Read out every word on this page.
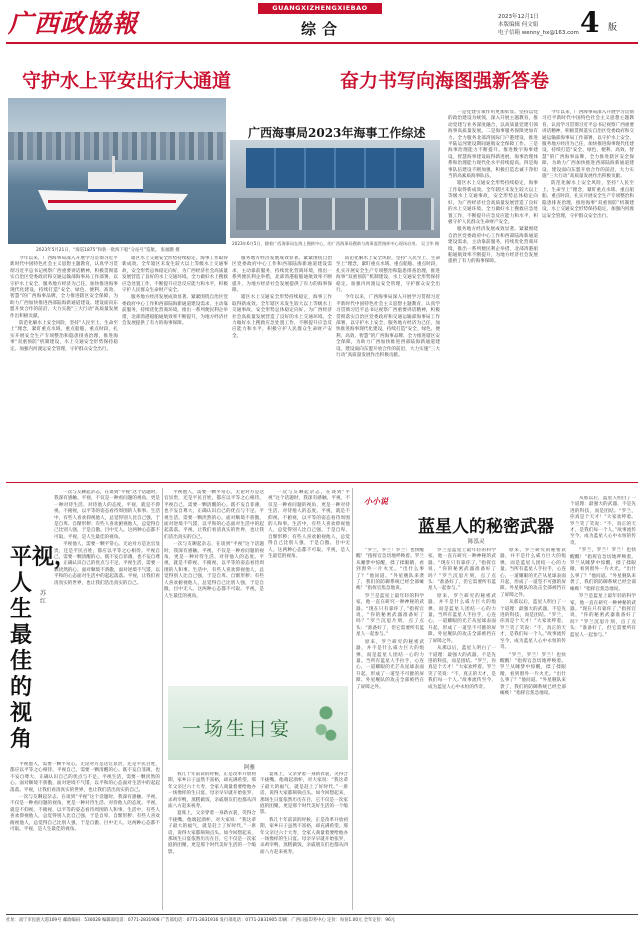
广西政協報
GUANGXIZHENGXIEBAO
综合
2023年12月1日
本版编辑 何文娟
电子信箱 wenny_hx@163.com 4 版
守护水上平安出行大通道	奋力书写向海图强新答卷
2023年5月21日，“海巡1875”和新一批海下船“分站号”巡航。 张福鹏 摄
广西海事局2023年海事工作综述
2023年6月5日，随着广西海事局在海上搜救中心，的广西海事局搜救与海事监管指挥中心现场启用。 吴卫华 摄

今年以来，广西海事局深入开展学习贯彻习近平新时代中国特色社会主义思想主题教育，认真学习贯彻习近平总书记视察广西重要讲话精神，积极贯彻落实自治区党委政府和交通运输部海事局工作部署，以守护水上安全、服务地方经济为己任，加快推进海事现代化建设，持续打造“安全、绿色、便利、高效、智慧”的广西海事品牌，全力推进辖区安全保障，为助力广西加快推进西部陆海新通道建设、建设面向东盟开放合作的前沿，大力实施“三大行动”高质量发展作出积极贡献。

防范化解水上安全风险，坚持“人民至上、生命至上”理念，紧盯重点水域、重点船舶、重点时段，扎实开展安全生产专项整治和隐患排查治理，推进海事“双重预防”机制建设，水上交通安全形势保持稳定。加强内河渡运安全管理，守护群众安全出行。

辖区水上交通安全形势持续稳定，海事工作取得新成效。全年辖区未发生较大以上等级水上交通事故，安全形势总体稳定向好，为广西经济社会高质量发展营造了良好的水上交通环境。全力做好水上搜救应急处置工作，不断提升应急反应能力和水平，积极守护人民群众生命财产安全。

服务地方经济发展成效显著。紧紧围绕自治区党委政府中心工作和西部陆海新通道建设需求，主动靠前服务，持续优化营商环境，推出一系列便民利企举措，北部湾港船舶通航效率不断提升，为地方经济社会发展提供了有力的海事保障。

服务地方经济发展成效显著。紧紧围绕自治区党委政府中心工作和西部陆海新通道建设需求，主动靠前服务，持续优化营商环境，推出一系列便民利企举措，北部湾港船舶通航效率不断提升，为地方经济社会发展提供了有力的海事保障。

辖区水上交通安全形势持续稳定，海事工作取得新成效。全年辖区未发生较大以上等级水上交通事故，安全形势总体稳定向好，为广西经济社会高质量发展营造了良好的水上交通环境。全力做好水上搜救应急处置工作，不断提升应急反应能力和水平，积极守护人民群众生命财产安全。

防范化解水上安全风险，坚持“人民至上、生命至上”理念，紧盯重点水域、重点船舶、重点时段，扎实开展安全生产专项整治和隐患排查治理，推进海事“双重预防”机制建设，水上交通安全形势保持稳定。加强内河渡运安全管理，守护群众安全出行。

今年以来，广西海事局深入开展学习贯彻习近平新时代中国特色社会主义思想主题教育，认真学习贯彻习近平总书记视察广西重要讲话精神，积极贯彻落实自治区党委政府和交通运输部海事局工作部署，以守护水上安全、服务地方经济为己任，加快推进海事现代化建设，持续打造“安全、绿色、便利、高效、智慧”的广西海事品牌，全力推进辖区安全保障，为助力广西加快推进西部陆海新通道建设、建设面向东盟开放合作的前沿，大力实施“三大行动”高质量发展作出积极贡献。

一是党建引领作用更加彰显。坚持以党的政治建设为统领，深入开展主题教育，推动党建与业务深度融合，以高质量党建引领海事高质量发展。二是海事服务保障更加有力。全力服务北部湾国际门户港建设，推进平陆运河建设期间通航安全保障工作。三是海事治理能力不断提升。推进数字海事建设，智慧海事建设取得新进展，海事治理体系和治理能力现代化水平持续提高。四是海事队伍建设不断加强，积极打造忠诚干净担当的高素质海事队伍。

辖区水上交通安全形势持续稳定，海事工作取得新成效。全年辖区未发生较大以上等级水上交通事故，安全形势总体稳定向好，为广西经济社会高质量发展营造了良好的水上交通环境。全力做好水上搜救应急处置工作，不断提升应急反应能力和水平，积极守护人民群众生命财产安全。

服务地方经济发展成效显著。紧紧围绕自治区党委政府中心工作和西部陆海新通道建设需求，主动靠前服务，持续优化营商环境，推出一系列便民利企举措，北部湾港船舶通航效率不断提升，为地方经济社会发展提供了有力的海事保障。

今年以来，广西海事局深入开展学习贯彻习近平新时代中国特色社会主义思想主题教育，认真学习贯彻习近平总书记视察广西重要讲话精神，积极贯彻落实自治区党委政府和交通运输部海事局工作部署，以守护水上安全、服务地方经济为己任，加快推进海事现代化建设，持续打造“安全、绿色、便利、高效、智慧”的广西海事品牌，全力推进辖区安全保障，为助力广西加快推进西部陆海新通道建设、建设面向东盟开放合作的前沿，大力实施“三大行动”高质量发展作出积极贡献。

防范化解水上安全风险，坚持“人民至上、生命至上”理念，紧盯重点水域、重点船舶、重点时段，扎实开展安全生产专项整治和隐患排查治理，推进海事“双重预防”机制建设，水上交通安全形势保持稳定。加强内河渡运安全管理，守护群众安全出行。

平视，
人生最佳的视角
苏红

一次与友聊起杂志，在谈到“平视”这个话题时，我深有感触。平视，不仅是一种看问题的视角，更是一种对待生活、对待他人的态度。平视，就是不仰视、不俯视，以平等的姿态看待周围的人和事。生活中，有些人喜欢仰视他人，总觉得别人比自己强，于是自卑、自惭形秽；有些人喜欢俯视他人，总觉得自己比别人强，于是自傲、目中无人。这两种心态都不可取。平视，是人生最佳的视角。

平视他人，需要一颗平常心。无论对方是达官显贵，还是平民百姓，都应以平等之心相待。平视自己，需要一颗清醒的心。既不妄自菲薄，也不妄自尊大，正确认识自己的优点与不足。平视生活，需要一颗淡然的心。面对顺境不骄傲，面对逆境不气馁，以平和的心态面对生活中的起起落落。平视，让我们看清真实的世界，也让我们活出真实的自己。

平视他人，需要一颗平常心。无论对方是达官显贵，还是平民百姓，都应以平等之心相待。平视自己，需要一颗清醒的心。既不妄自菲薄，也不妄自尊大，正确认识自己的优点与不足。平视生活，需要一颗淡然的心。面对顺境不骄傲，面对逆境不气馁，以平和的心态面对生活中的起起落落。平视，让我们看清真实的世界，也让我们活出真实的自己。

一次与友聊起杂志，在谈到“平视”这个话题时，我深有感触。平视，不仅是一种看问题的视角，更是一种对待生活、对待他人的态度。平视，就是不仰视、不俯视，以平等的姿态看待周围的人和事。生活中，有些人喜欢仰视他人，总觉得别人比自己强，于是自卑、自惭形秽；有些人喜欢俯视他人，总觉得自己比别人强，于是自傲、目中无人。这两种心态都不可取。平视，是人生最佳的视角。

平视他人，需要一颗平常心。无论对方是达官显贵，还是平民百姓，都应以平等之心相待。平视自己，需要一颗清醒的心。既不妄自菲薄，也不妄自尊大，正确认识自己的优点与不足。平视生活，需要一颗淡然的心。面对顺境不骄傲，面对逆境不气馁，以平和的心态面对生活中的起起落落。平视，让我们看清真实的世界，也让我们活出真实的自己。

一次与友聊起杂志，在谈到“平视”这个话题时，我深有感触。平视，不仅是一种看问题的视角，更是一种对待生活、对待他人的态度。平视，就是不仰视、不俯视，以平等的姿态看待周围的人和事。生活中，有些人喜欢仰视他人，总觉得别人比自己强，于是自卑、自惭形秽；有些人喜欢俯视他人，总觉得自己比别人强，于是自傲、目中无人。这两种心态都不可取。平视，是人生最佳的视角。

一次与友聊起杂志，在谈到“平视”这个话题时，我深有感触。平视，不仅是一种看问题的视角，更是一种对待生活、对待他人的态度。平视，就是不仰视、不俯视，以平等的姿态看待周围的人和事。生活中，有些人喜欢仰视他人，总觉得别人比自己强，于是自卑、自惭形秽；有些人喜欢俯视他人，总觉得自己比别人强，于是自傲、目中无人。这两种心态都不可取。平视，是人生最佳的视角。

一场生日宴
阿雅

我几十年前读的时候，正是改革开放初期，家乡日子虽然不富裕，却充满希望。那年父亲过六十大寿，全家人商量着要给他办一场像样的生日宴。母亲早早就开始张罗，杀鸡宰鸭，蒸糕做饭，亲戚朋友们也都从四面八方赶来祝寿。

宴席上，父亲穿着一身新衣裳，笑得合不拢嘴。他端起酒杯，对大家说：“我这辈子最大的福气，就是赶上了好时代。”一席话，说得大家都频频点头。如今回想起来，那场生日宴依然历历在目，它不仅是一次家庭的团聚，更是那个时代美好生活的一个缩影。

宴席上，父亲穿着一身新衣裳，笑得合不拢嘴。他端起酒杯，对大家说：“我这辈子最大的福气，就是赶上了好时代。”一席话，说得大家都频频点头。如今回想起来，那场生日宴依然历历在目，它不仅是一次家庭的团聚，更是那个时代美好生活的一个缩影。

我几十年前读的时候，正是改革开放初期，家乡日子虽然不富裕，却充满希望。那年父亲过六十大寿，全家人商量着要给他办一场像样的生日宴。母亲早早就开始张罗，杀鸡宰鸭，蒸糕做饭，亲戚朋友们也都从四面八方赶来祝寿。

小小说
蓝星人的秘密武器
陈泓灵

“罗兰，罗兰！罗兰！也快醒醒！”指挥官急切地呼唤着。罗兰从睡梦中惊醒，揉了揉眼睛，看到窗外一片火光。“出什么事了？”他问道。“外星舰队来袭了，我们的防御系统已经全部瘫痪！”指挥官焦急地说。

罗兰是蓝星上最年轻的科学家，他一直在研究一种神秘的武器。“现在只有靠你了，”指挥官说，“你的秘密武器准备好了吗？”罗兰沉思片刻，点了点头：“准备好了，但它需要所有蓝星人一起参与。”

原来，罗兰研究的秘密武器，并不是什么威力巨大的炮弹，而是蓝星人团结一心的力量。当所有蓝星人手拉手，心连心，一道耀眼的光芒从星球表面升起，形成了一道坚不可摧的屏障。外星舰队的攻击全部被挡在了屏障之外。

罗兰是蓝星上最年轻的科学家，他一直在研究一种神秘的武器。“现在只有靠你了，”指挥官说，“你的秘密武器准备好了吗？”罗兰沉思片刻，点了点头：“准备好了，但它需要所有蓝星人一起参与。”

原来，罗兰研究的秘密武器，并不是什么威力巨大的炮弹，而是蓝星人团结一心的力量。当所有蓝星人手拉手，心连心，一道耀眼的光芒从星球表面升起，形成了一道坚不可摧的屏障。外星舰队的攻击全部被挡在了屏障之外。

从那以后，蓝星人明白了一个道理：最强大的武器，不是先进的科技，而是团结。“罗兰，你真是个天才！”大家欢呼着。罗兰笑了笑说：“不，真正的天才，是我们每一个人。”故事流传至今，成为蓝星人心中永恒的传奇。

原来，罗兰研究的秘密武器，并不是什么威力巨大的炮弹，而是蓝星人团结一心的力量。当所有蓝星人手拉手，心连心，一道耀眼的光芒从星球表面升起，形成了一道坚不可摧的屏障。外星舰队的攻击全部被挡在了屏障之外。

从那以后，蓝星人明白了一个道理：最强大的武器，不是先进的科技，而是团结。“罗兰，你真是个天才！”大家欢呼着。罗兰笑了笑说：“不，真正的天才，是我们每一个人。”故事流传至今，成为蓝星人心中永恒的传奇。

“罗兰，罗兰！罗兰！也快醒醒！”指挥官急切地呼唤着。罗兰从睡梦中惊醒，揉了揉眼睛，看到窗外一片火光。“出什么事了？”他问道。“外星舰队来袭了，我们的防御系统已经全部瘫痪！”指挥官焦急地说。

从那以后，蓝星人明白了一个道理：最强大的武器，不是先进的科技，而是团结。“罗兰，你真是个天才！”大家欢呼着。罗兰笑了笑说：“不，真正的天才，是我们每一个人。”故事流传至今，成为蓝星人心中永恒的传奇。

“罗兰，罗兰！罗兰！也快醒醒！”指挥官急切地呼唤着。罗兰从睡梦中惊醒，揉了揉眼睛，看到窗外一片火光。“出什么事了？”他问道。“外星舰队来袭了，我们的防御系统已经全部瘫痪！”指挥官焦急地说。

罗兰是蓝星上最年轻的科学家，他一直在研究一种神秘的武器。“现在只有靠你了，”指挥官说，“你的秘密武器准备好了吗？”罗兰沉思片刻，点了点头：“准备好了，但它需要所有蓝星人一起参与。”

社址：南宁市民族大道109号 邮政编码：530028 编辑部电话：0771-2831908 广告部电话：0771-2831916 发行部电话：0771-2831905 印刷：广西日报印务中心 定价：每份1.00元 全年定价：96元
